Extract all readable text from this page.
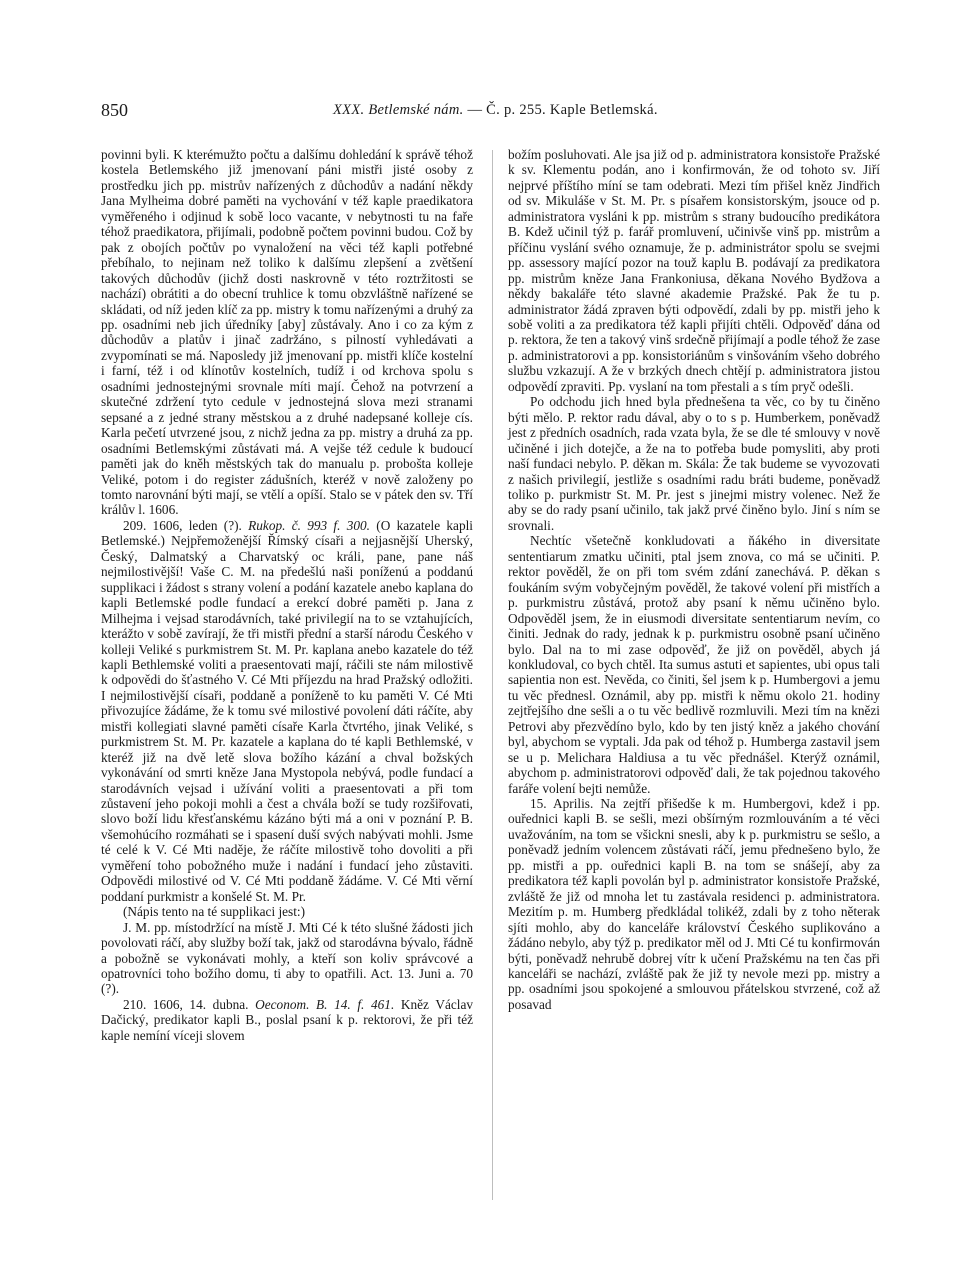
850	XXX. Betlemské nám. — Č. p. 255. Kaple Betlemská.

povinni byli. K kterémužto počtu a dalšímu dohledání k správě téhož kostela Betlemského již jmenovaní páni mistři jisté osoby z prostředku jich pp. mistrův nařízených z důchodův a nadání někdy Jana Mylheima dobré paměti na vychování v též kaple praedikatora vyměřeného i odjinud k sobě loco vacante, v nebytnosti tu na faře téhož praedikatora, přijímali, podobně počtem povinni budou. Což by pak z obojích počtův po vynaložení na věci též kapli potřebné přebíhalo, to nejinam než toliko k dalšímu zlepšení a zvětšení takových důchodův (jichž dosti naskrovně v této roztržitosti se nachází) obrátiti a do obecní truhlice k tomu obzvláštně nařízené se skládati, od níž jeden klíč za pp. mistry k tomu nařízenými a druhý za pp. osadními neb jich úředníky [aby] zůstávaly. Ano i co za kým z důchodův a platův i jinač zadržáno, s pilností vyhledávati a zvypomínati se má. Naposledy již jmenovaní pp. mistři klíče kostelní i farní, též i od klínotův kostelních, tudíž i od krchova spolu s osadními jednostejnými srovnale míti mají. Čehož na potvrzení a skutečné zdržení tyto cedule v jednostejná slova mezi stranami sepsané a z jedné strany městskou a z druhé nadepsané kolleje cís. Karla pečetí utvrzené jsou, z nichž jedna za pp. mistry a druhá za pp. osadními Betlemskými zůstávati má. A vejše též cedule k budoucí paměti jak do kněh městských tak do manualu p. probošta kolleje Veliké, potom i do register zádušních, kteréž v nově založeny po tomto narovnání býti mají, se vtělí a opíší. Stalo se v pátek den sv. Tří králův l. 1606.

209. 1606, leden (?). Rukop. č. 993 f. 300. (O kazatele kapli Betlemské.) Nejpřemoženější Římský císaři a nejjasnější Uherský, Český, Dalmatský a Charvatský oc králi, pane, pane náš nejmilostivější! Vaše C. M. na předešlú naši poníženú a poddanú supplikaci i žádost s strany volení a podání kazatele anebo kaplana do kapli Betlemské podle fundací a erekcí dobré paměti p. Jana z Milhejma i vejsad starodávních, také privilegií na to se vztahujících, kterážto v sobě zavírají, že tři mistři přední a starší národu Českého v kolleji Veliké s purkmistrem St. M. Pr. kaplana anebo kazatele do též kapli Bethlemské voliti a praesentovati mají, ráčili ste nám milostivě k odpovědi do šťastného V. Cé Mti příjezdu na hrad Pražský odložiti. I nejmilostivější císaři, poddaně a poníženě to ku paměti V. Cé Mti přivozujíce žádáme, že k tomu své milostivé povolení dáti ráčíte, aby mistři kollegiati slavné paměti císaře Karla čtvrtého, jinak Veliké, s purkmistrem St. M. Pr. kazatele a kaplana do té kapli Bethlemské, v kteréž již na dvě letě slova božího kázání a chval božských vykonávání od smrti kněze Jana Mystopola nebývá, podle fundací a starodávních vejsad i užívání voliti a praesentovati a při tom zůstavení jeho pokoji mohli a čest a chvála boží se tudy rozšiřovati, slovo boží lidu křesťanskému kázáno býti má a oni v poznání P. B. všemohúcího rozmáhati se i spasení duší svých nabývati mohli. Jsme té celé k V. Cé Mti naděje, že ráčíte milostivě toho dovoliti a při vyměření toho pobožného muže i nadání i fundací jeho zůstaviti. Odpovědi milostivé od V. Cé Mti poddaně žádáme. V. Cé Mti věrní poddaní purkmistr a konšelé St. M. Pr.

(Nápis tento na té supplikaci jest:)

J. M. pp. místodržící na místě J. Mti Cé k této slušné žádosti jich povolovati ráčí, aby služby boží tak, jakž od starodávna bývalo, řádně a pobožně se vykonávati mohly, a kteří son koliv správcové a opatrovníci toho božího domu, ti aby to opatřili. Act. 13. Juni a. 70 (?).

210. 1606, 14. dubna. Oeconom. B. 14. f. 461. Kněz Václav Dačický, predikator kapli B., poslal psaní k p. rektorovi, že při též kaple nemíní víceji slovem

božím posluhovati. Ale jsa již od p. administratora konsistoře Pražské k sv. Klementu podán, ano i konfirmován, že od tohoto sv. Jiří nejprvé příštího míní se tam odebrati. Mezi tím přišel kněz Jindřich od sv. Mikuláše v St. M. Pr. s písařem konsistorským, jsouce od p. administratora vysláni k pp. mistrům s strany budoucího predikátora B. Kdež učinil týž p. farář promluvení, učinivše vinš pp. mistrům a příčinu vyslání svého oznamuje, že p. administrátor spolu se svejmi pp. assessory mající pozor na touž kaplu B. podávají za predikatora pp. mistrům kněze Jana Frankoniusa, děkana Nového Bydžova a někdy bakaláře této slavné akademie Pražské. Pak že tu p. administrator žádá zpraven býti odpovědí, zdali by pp. mistři jeho k sobě voliti a za predikatora též kapli přijíti chtěli. Odpověď dána od p. rektora, že ten a takový vinš srdečně přijímají a podle téhož že zase p. administratorovi a pp. konsistoriánům s vinšováním všeho dobrého službu vzkazují. A že v brzkých dnech chtějí p. administratora jistou odpovědí zpraviti. Pp. vyslaní na tom přestali a s tím pryč odešli.

Po odchodu jich hned byla přednešena ta věc, co by tu činěno býti mělo. P. rektor radu dával, aby o to s p. Humberkem, poněvadž jest z předních osadních, rada vzata byla, že se dle té smlouvy v nově učiněné i jich dotejče, a že na to potřeba bude pomysliti, aby proti naší fundaci nebylo. P. děkan m. Skála: Že tak budeme se vyvozovati z našich privilegií, jestliže s osadními radu bráti budeme, poněvadž toliko p. purkmistr St. M. Pr. jest s jinejmi mistry volenec. Než že aby se do rady psaní učinilo, tak jakž prvé činěno bylo. Jiní s ním se srovnali.

Nechtíc všetečně konkludovati a ňákého in diversitate sententiarum zmatku učiniti, ptal jsem znova, co má se učiniti. P. rektor pověděl, že on při tom svém zdání zanechává. P. děkan s foukáním svým vobyčejným pověděl, že takové volení při mistřích a p. purkmistru zůstává, protož aby psaní k němu učiněno bylo. Odpověděl jsem, že in eiusmodi diversitate sententiarum nevím, co činiti. Jednak do rady, jednak k p. purkmistru osobně psaní učiněno bylo. Dal na to mi zase odpověď, že již on pověděl, abych já konkludoval, co bych chtěl. Ita sumus astuti et sapientes, ubi opus tali sapientia non est. Nevěda, co činiti, šel jsem k p. Humbergovi a jemu tu věc přednesl. Oznámil, aby pp. mistři k němu okolo 21. hodiny zejtřejšího dne sešli a o tu věc bedlivě rozmluvili. Mezi tím na knězi Petrovi aby přezvědíno bylo, kdo by ten jistý kněz a jakého chování byl, abychom se vyptali. Jda pak od téhož p. Humberga zastavil jsem se u p. Melichara Haldiusa a tu věc přednášel. Kterýž oznámil, abychom p. administratorovi odpověď dali, že tak pojednou takového faráře volení bejti nemůže.

15. Aprilis. Na zejtří přišedše k m. Humbergovi, kdež i pp. ouřednici kapli B. se sešli, mezi obšírným rozmlouváním a té věci uvažováním, na tom se všickni snesli, aby k p. purkmistru se sešlo, a poněvadž jedním volencem zůstávati ráčí, jemu přednešeno bylo, že pp. mistři a pp. ouřednici kapli B. na tom se snášejí, aby za predikatora též kapli povolán byl p. administrator konsistoře Pražské, zvláště že již od mnoha let tu zastávala residenci p. administratora. Mezitím p. m. Humberg předkládal tolikéž, zdali by z toho něterak sjíti mohlo, aby do kanceláře království Českého suplikováno a žádáno nebylo, aby týž p. predikator měl od J. Mti Cé tu konfirmován býti, poněvadž nehrubě dobrej vítr k učení Pražskému na ten čas při kanceláři se nachází, zvláště pak že již ty nevole mezi pp. mistry a pp. osadními jsou spokojené a smlouvou přátelskou stvrzené, což až posavad
